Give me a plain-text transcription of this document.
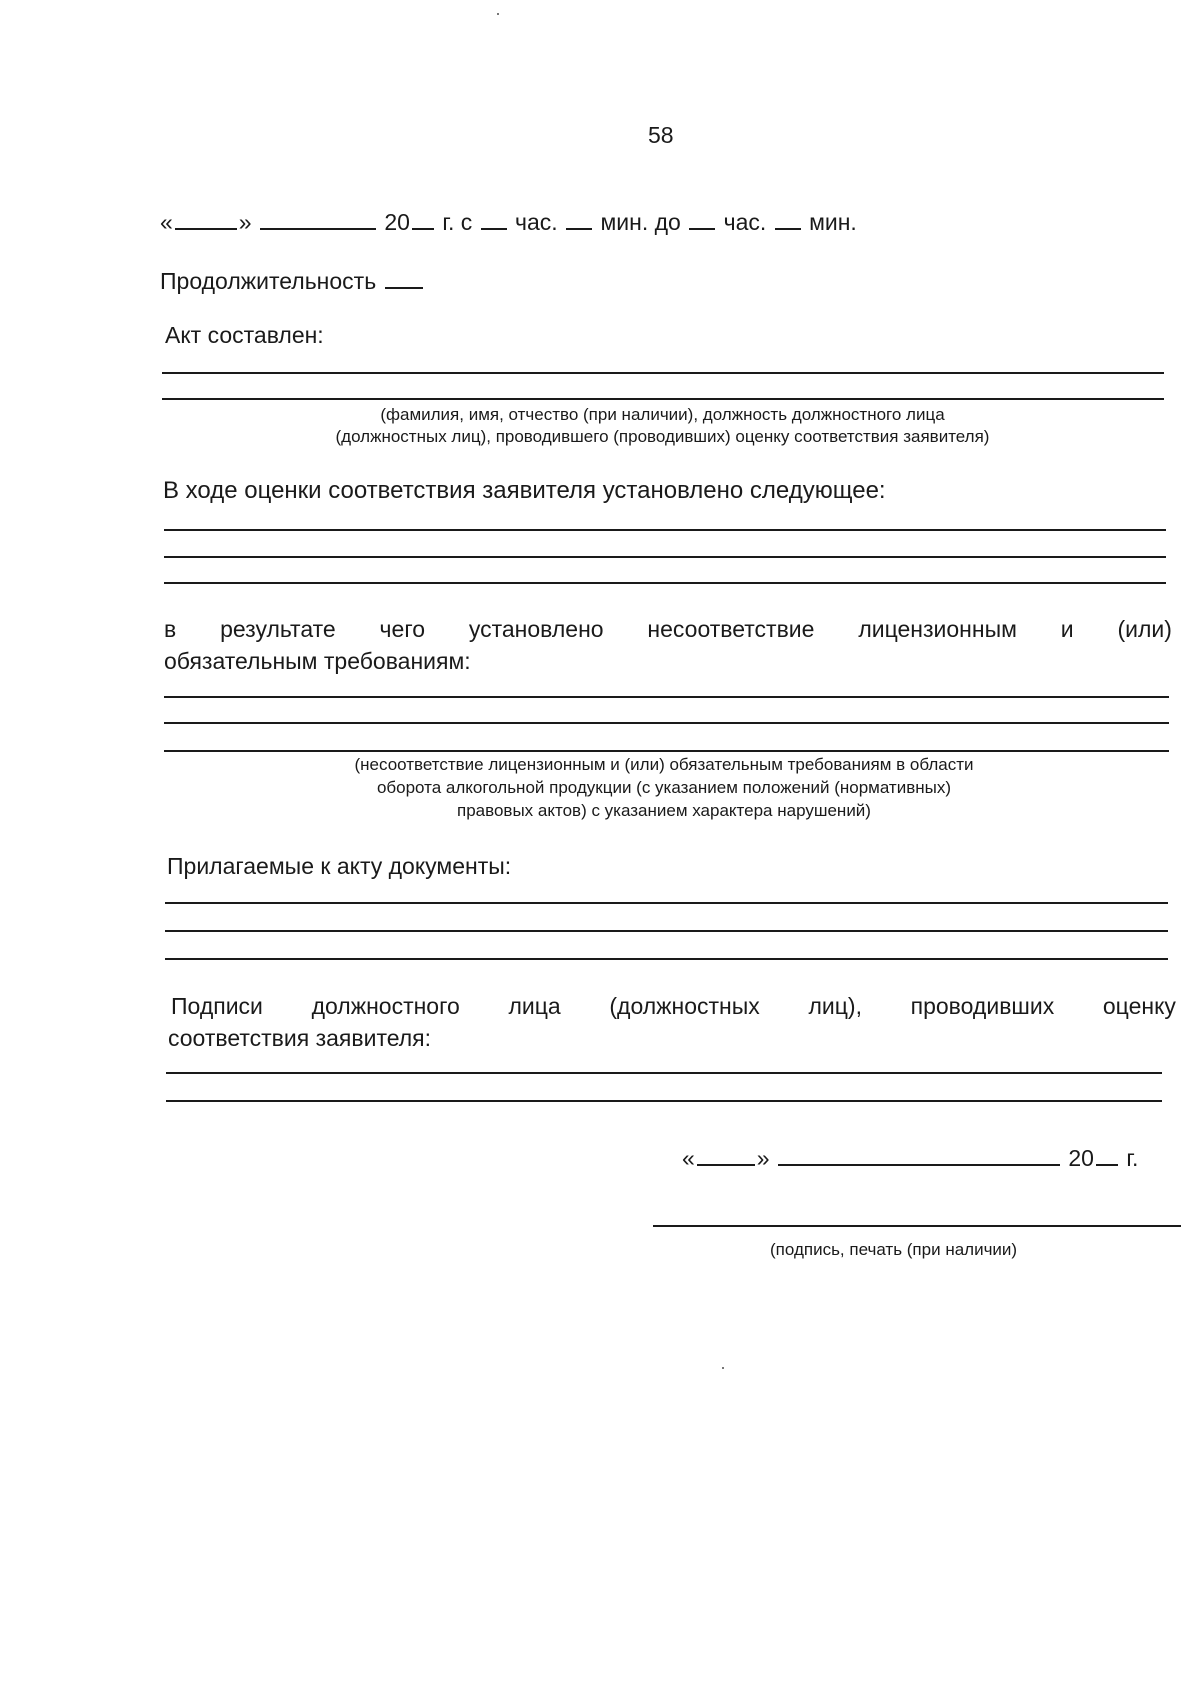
58
«	»	20 г. с час. мин. до час. мин.
Продолжительность
Акт составлен:
(фамилия, имя, отчество (при наличии), должность должностного лица
(должностных лиц), проводившего (проводивших) оценку соответствия заявителя)
В ходе оценки соответствия заявителя установлено следующее:
в результате чего установлено несоответствие лицензионным и (или)
обязательным требованиям:
(несоответствие лицензионным и (или) обязательным требованиям в области
оборота алкогольной продукции (с указанием положений (нормативных)
правовых актов) с указанием характера нарушений)
Прилагаемые к акту документы:
Подписи должностного лица (должностных лиц), проводивших оценку
соответствия заявителя:
«	»	20 г.
(подпись, печать (при наличии)
